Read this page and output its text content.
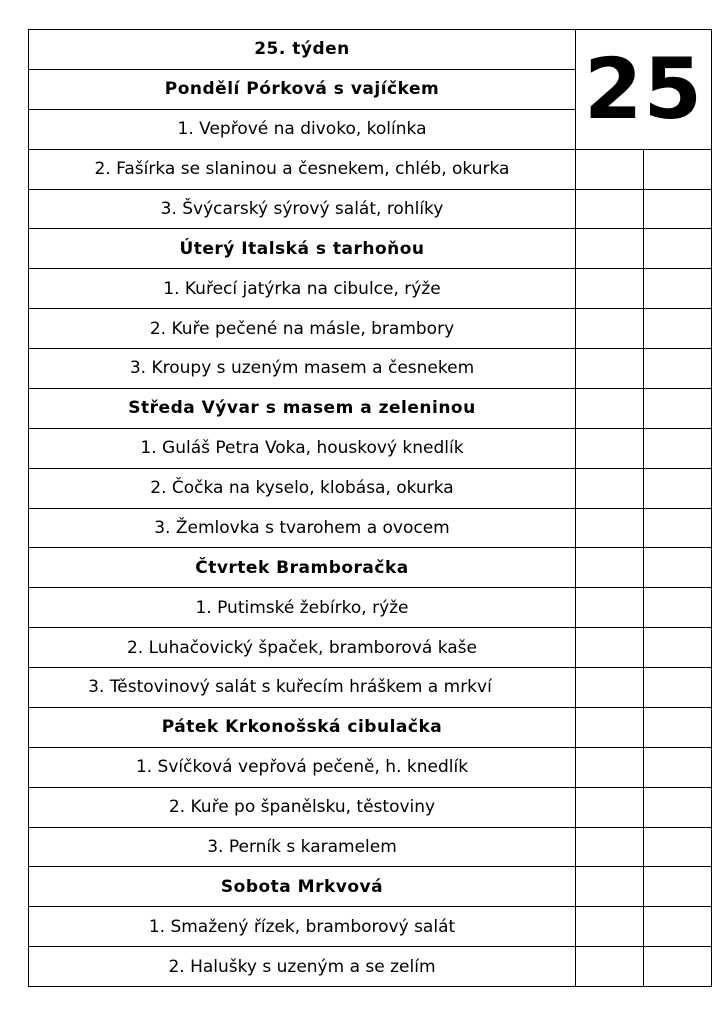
25. týden	25	
Pondělí Pórková s vajíčkem		
1. Vepřové na divoko, kolínka		
2. Fašírka se slaninou a česnekem, chléb, okurka		
3. Švýcarský sýrový salát, rohlíky		
Úterý Italská s tarhoňou		
1. Kuřecí jatýrka na cibulce, rýže		
2. Kuře pečené na másle, brambory		
3. Kroupy s uzeným masem a česnekem		
Středa Vývar s masem a zeleninou		
1. Guláš Petra Voka, houskový knedlík		
2. Čočka na kyselo, klobása, okurka		
3. Žemlovka s tvarohem a ovocem		
Čtvrtek Bramboračka		
1. Putimské žebírko, rýže		
2. Luhačovický špaček, bramborová kaše		
3. Těstovinový salát s kuřecím hráškem a mrkví		
Pátek Krkonošská cibulačka		
1. Svíčková vepřová pečeně, h. knedlík		
2. Kuře po španělsku, těstoviny		
3. Perník s karamelem		
Sobota Mrkvová		
1. Smažený řízek, bramborový salát		
2. Halušky s uzeným a se zelím		
